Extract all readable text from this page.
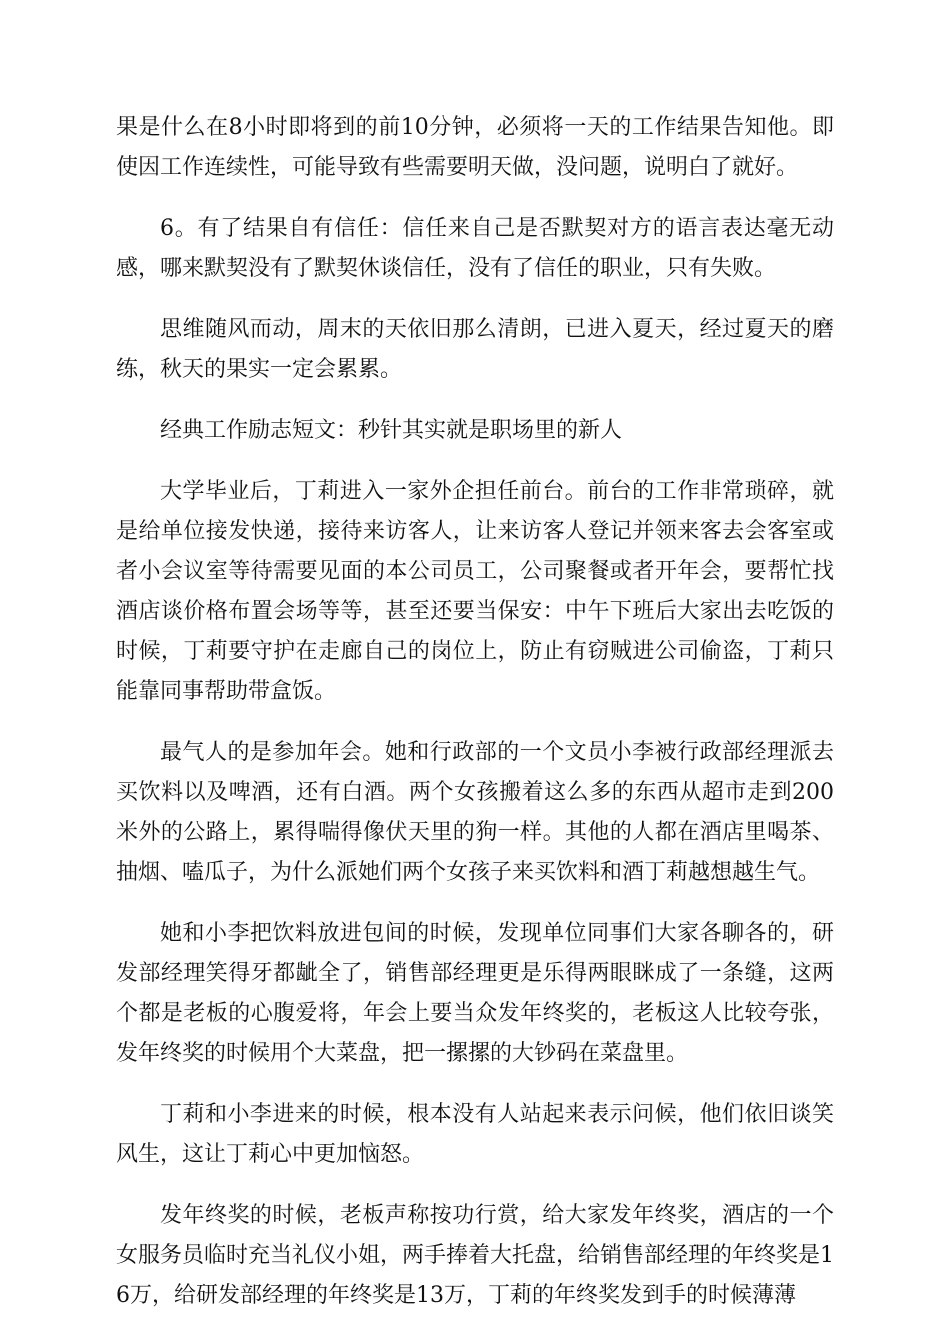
果是什么在8小时即将到的前10分钟，必须将一天的工作结果告知他。即使因工作连续性，可能导致有些需要明天做，没问题，说明白了就好。

6。有了结果自有信任：信任来自己是否默契对方的语言表达毫无动感，哪来默契没有了默契休谈信任，没有了信任的职业，只有失败。

思维随风而动，周末的天依旧那么清朗，已进入夏天，经过夏天的磨练，秋天的果实一定会累累。

经典工作励志短文：秒针其实就是职场里的新人

大学毕业后，丁莉进入一家外企担任前台。前台的工作非常琐碎，就是给单位接发快递，接待来访客人，让来访客人登记并领来客去会客室或者小会议室等待需要见面的本公司员工，公司聚餐或者开年会，要帮忙找酒店谈价格布置会场等等，甚至还要当保安：中午下班后大家出去吃饭的时候，丁莉要守护在走廊自己的岗位上，防止有窃贼进公司偷盗，丁莉只能靠同事帮助带盒饭。

最气人的是参加年会。她和行政部的一个文员小李被行政部经理派去买饮料以及啤酒，还有白酒。两个女孩搬着这么多的东西从超市走到200米外的公路上，累得喘得像伏天里的狗一样。其他的人都在酒店里喝茶、抽烟、嗑瓜子，为什么派她们两个女孩子来买饮料和酒丁莉越想越生气。

她和小李把饮料放进包间的时候，发现单位同事们大家各聊各的，研发部经理笑得牙都龇全了，销售部经理更是乐得两眼眯成了一条缝，这两个都是老板的心腹爱将，年会上要当众发年终奖的，老板这人比较夸张，发年终奖的时候用个大菜盘，把一摞摞的大钞码在菜盘里。

丁莉和小李进来的时候，根本没有人站起来表示问候，他们依旧谈笑风生，这让丁莉心中更加恼怒。

发年终奖的时候，老板声称按功行赏，给大家发年终奖，酒店的一个女服务员临时充当礼仪小姐，两手捧着大托盘，给销售部经理的年终奖是16万，给研发部经理的年终奖是13万，丁莉的年终奖发到手的时候薄薄
